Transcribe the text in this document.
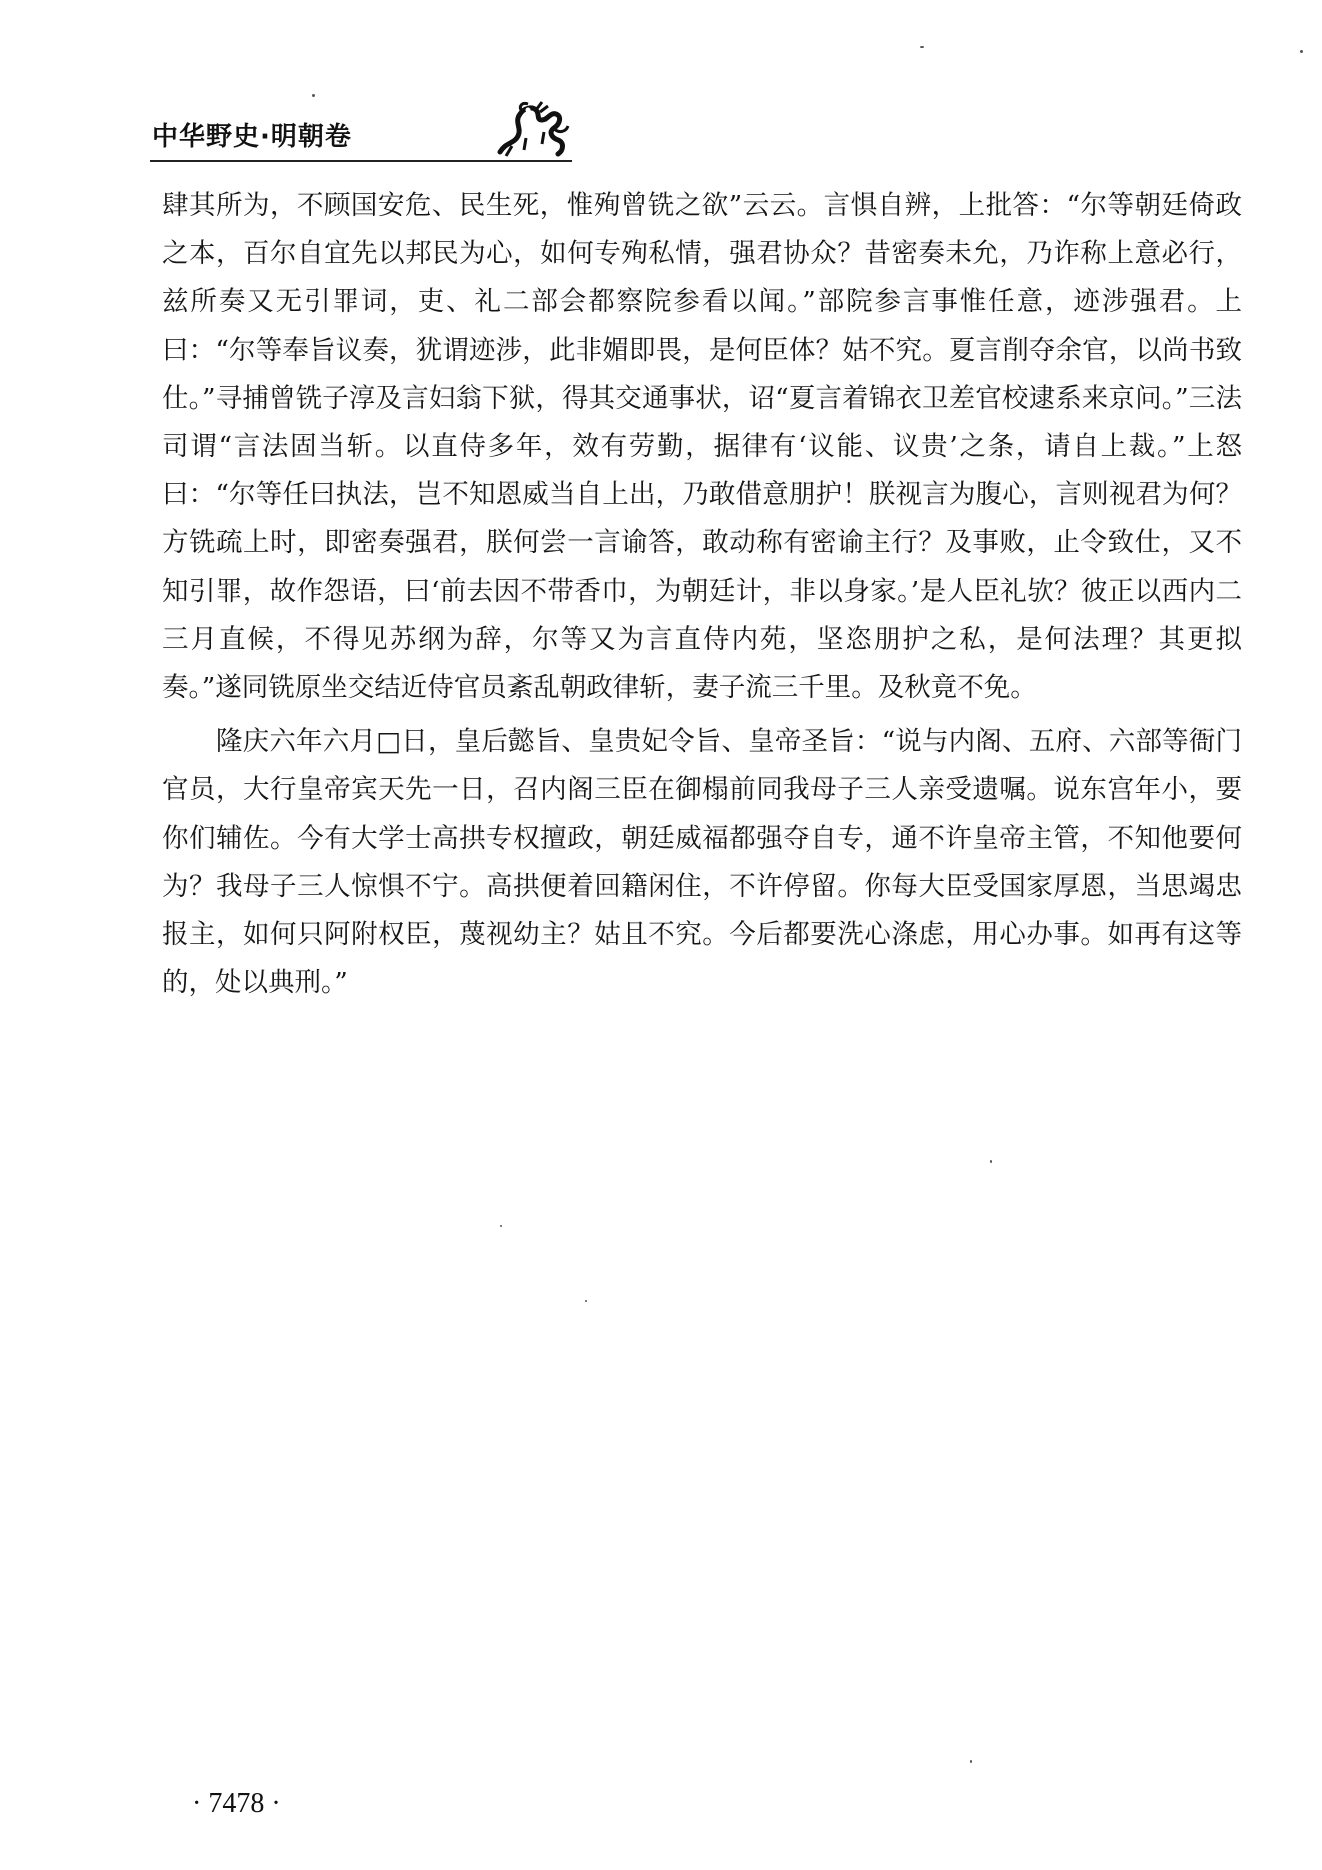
中华野史·明朝卷

肆其所为，不顾国安危、民生死，惟殉曾铣之欲”云云。言惧自辨，上批答：“尔等朝廷倚政之本，百尔自宜先以邦民为心，如何专殉私情，强君协众？昔密奏未允，乃诈称上意必行，兹所奏又无引罪词，吏、礼二部会都察院参看以闻。”部院参言事惟任意，迹涉强君。上曰：“尔等奉旨议奏，犹谓迹涉，此非媚即畏，是何臣体？姑不究。夏言削夺余官，以尚书致仕。”寻捕曾铣子淳及言妇翁下狱，得其交通事状，诏“夏言着锦衣卫差官校逮系来京问。”三法司谓“言法固当斩。以直侍多年，效有劳勤，据律有‘议能、议贵’之条，请自上裁。”上怒曰：“尔等任曰执法，岂不知恩威当自上出，乃敢借意朋护！朕视言为腹心，言则视君为何？方铣疏上时，即密奏强君，朕何尝一言谕答，敢动称有密谕主行？及事败，止令致仕，又不知引罪，故作怨语，曰‘前去因不带香巾，为朝廷计，非以身家。’是人臣礼欤？彼正以西内二三月直候，不得见苏纲为辞，尔等又为言直侍内苑，坚恣朋护之私，是何法理？其更拟奏。”遂同铣原坐交结近侍官员紊乱朝政律斩，妻子流三千里。及秋竟不免。

隆庆六年六月□日，皇后懿旨、皇贵妃令旨、皇帝圣旨：“说与内阁、五府、六部等衙门官员，大行皇帝宾天先一日，召内阁三臣在御榻前同我母子三人亲受遗嘱。说东宫年小，要你们辅佐。今有大学士高拱专权擅政，朝廷威福都强夺自专，通不许皇帝主管，不知他要何为？我母子三人惊惧不宁。高拱便着回籍闲住，不许停留。你每大臣受国家厚恩，当思竭忠报主，如何只阿附权臣，蔑视幼主？姑且不究。今后都要洗心涤虑，用心办事。如再有这等的，处以典刑。”

· 7478 ·
